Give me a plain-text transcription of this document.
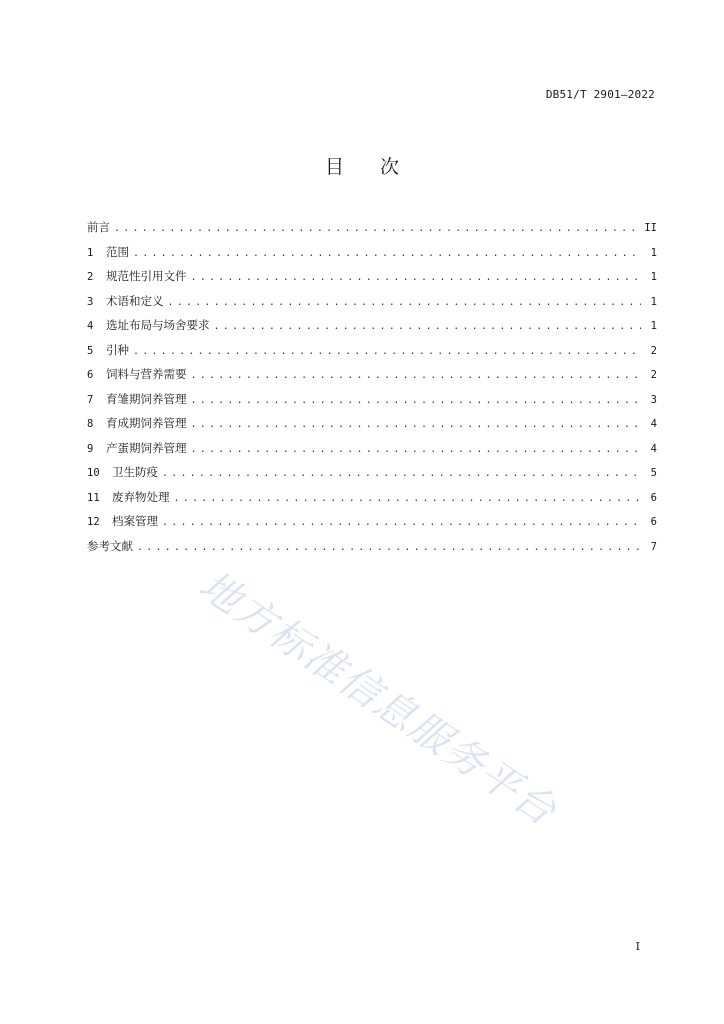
DB51/T 2901—2022
目 次
前言 .....	II
1	范围 .....	1
2	规范性引用文件 .....	1
3	术语和定义 .....	1
4	选址布局与场舍要求 .....	1
5	引种 .....	2
6	饲料与营养需要 .....	2
7	育雏期饲养管理 .....	3
8	育成期饲养管理 .....	4
9	产蛋期饲养管理 .....	4
10	卫生防疫 .....	5
11	废弃物处理 .....	6
12	档案管理 .....	6
参考文献 .....	7
地方标准信息服务平台
I
